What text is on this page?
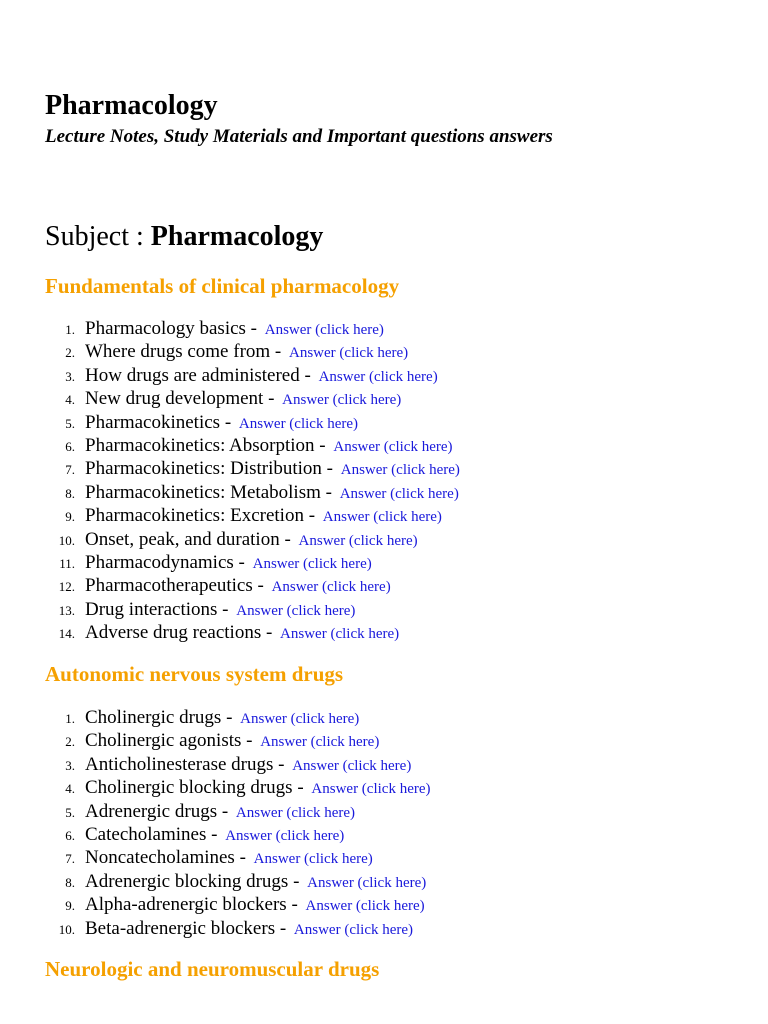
Pharmacology

Lecture Notes, Study Materials and Important questions answers

Subject : Pharmacology
Fundamentals of clinical pharmacology
1. Pharmacology basics - Answer (click here)
2. Where drugs come from - Answer (click here)
3. How drugs are administered - Answer (click here)
4. New drug development - Answer (click here)
5. Pharmacokinetics - Answer (click here)
6. Pharmacokinetics: Absorption - Answer (click here)
7. Pharmacokinetics: Distribution - Answer (click here)
8. Pharmacokinetics: Metabolism - Answer (click here)
9. Pharmacokinetics: Excretion - Answer (click here)
10. Onset, peak, and duration - Answer (click here)
11. Pharmacodynamics - Answer (click here)
12. Pharmacotherapeutics - Answer (click here)
13. Drug interactions - Answer (click here)
14. Adverse drug reactions - Answer (click here)
Autonomic nervous system drugs
1. Cholinergic drugs - Answer (click here)
2. Cholinergic agonists - Answer (click here)
3. Anticholinesterase drugs - Answer (click here)
4. Cholinergic blocking drugs - Answer (click here)
5. Adrenergic drugs - Answer (click here)
6. Catecholamines - Answer (click here)
7. Noncatecholamines - Answer (click here)
8. Adrenergic blocking drugs - Answer (click here)
9. Alpha-adrenergic blockers - Answer (click here)
10. Beta-adrenergic blockers - Answer (click here)
Neurologic and neuromuscular drugs
